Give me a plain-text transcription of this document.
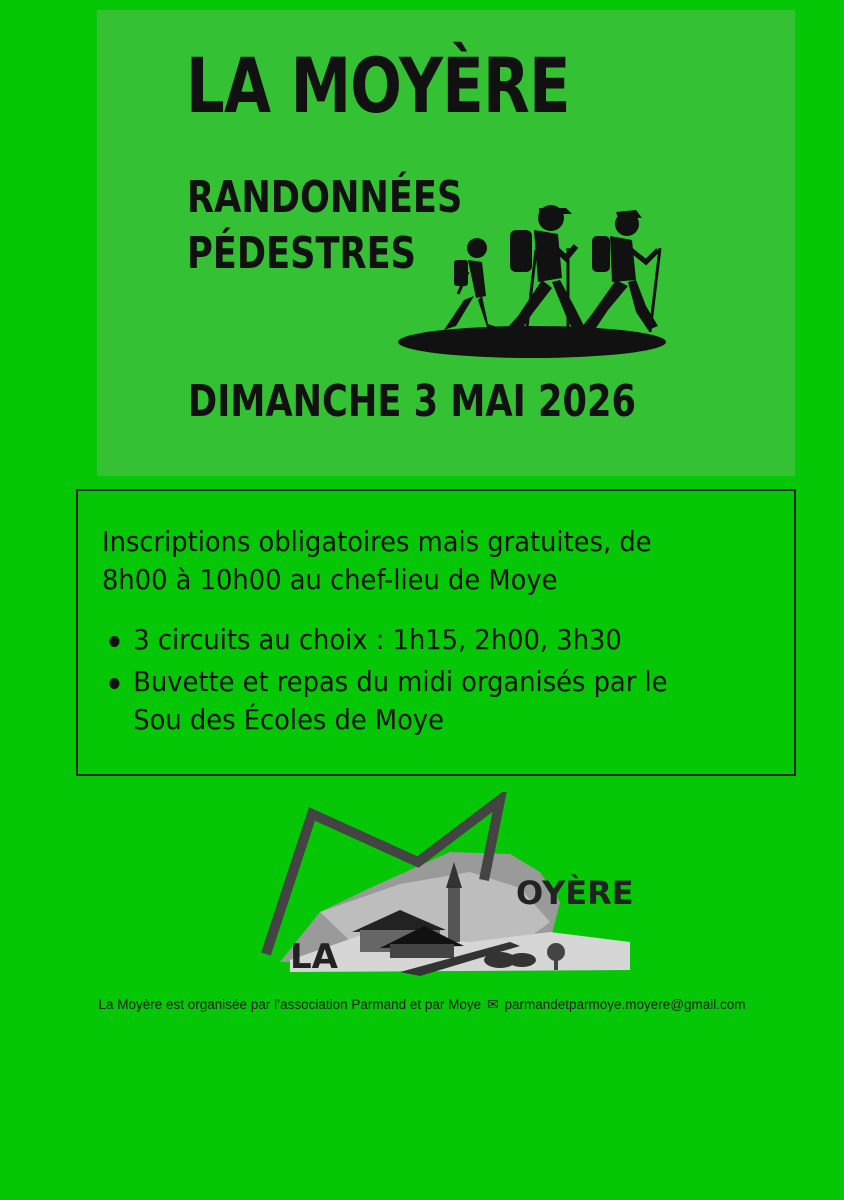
LA MOYÈRE
RANDONNÉES
PÉDESTRES
DIMANCHE 3 MAI 2026
Inscriptions obligatoires mais gratuites, de
8h00 à 10h00 au chef-lieu de Moye
3 circuits au choix : 1h15, 2h00, 3h30
Buvette et repas du midi organisés par le
Sou des Écoles de Moye
LA
OYÈRE
La Moyère est organisée par l’association Parmand et par Moye ✉ parmandetparmoye.moyere@gmail.com
